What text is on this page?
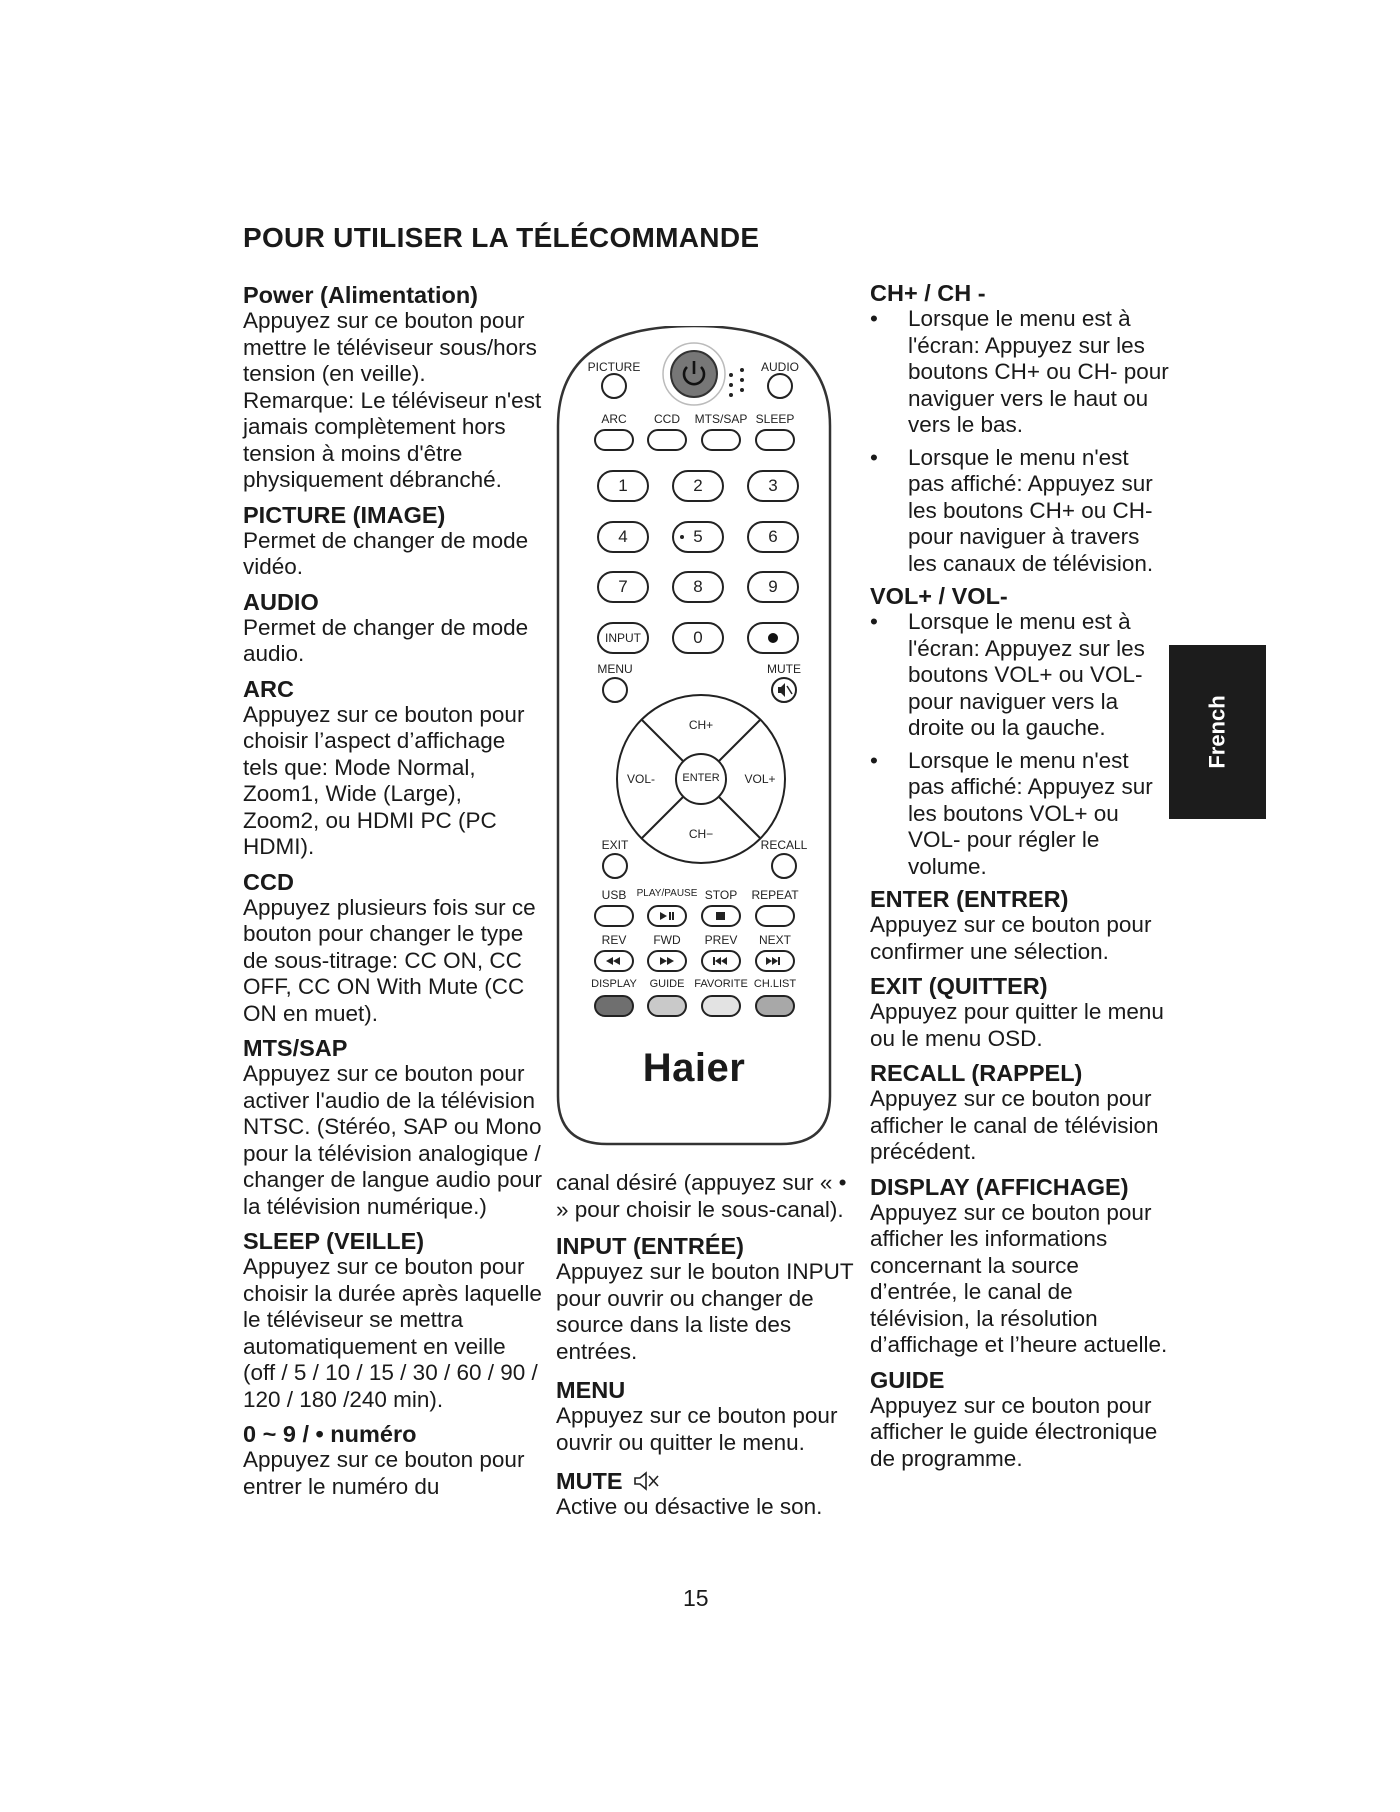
POUR UTILISER LA TÉLÉCOMMANDE
Power (Alimentation)

Appuyez sur ce bouton pour mettre le téléviseur sous/hors tension (en veille). Remarque: Le téléviseur n'est jamais complètement hors tension à moins d'être physiquement débranché.

PICTURE (IMAGE)

Permet de changer de mode vidéo.

AUDIO

Permet de changer de mode audio.

ARC

Appuyez sur ce bouton pour choisir l’aspect d’affichage tels que: Mode Normal, Zoom1, Wide (Large), Zoom2, ou HDMI PC (PC HDMI).

CCD

Appuyez plusieurs fois sur ce bouton pour changer le type de sous-titrage: CC ON, CC OFF, CC ON With Mute (CC ON en muet).

MTS/SAP

Appuyez sur ce bouton pour activer l'audio de la télévision NTSC. (Stéréo, SAP ou Mono pour la télévision analogique / changer de langue audio pour la télévision numérique.)

SLEEP (VEILLE)

Appuyez sur ce bouton pour choisir la durée après laquelle le téléviseur se mettra automatiquement en veille (off / 5 / 10 / 15 / 30 / 60 / 90 / 120 / 180 /240 min).

0 ~ 9 / • numéro

Appuyez sur ce bouton pour entrer le numéro du

PICTURE	AUDIO
ARC CCD MTS/SAP SLEEP
1	2	3
4	5	6
7	8	9
INPUT	0
MENU	MUTE
CH+
CH−
VOL-	VOL+
ENTER
EXIT	RECALL
USB PLAY/PAUSE STOP REPEAT
REV FWD PREV NEXT
DISPLAY GUIDE FAVORITE CH.LIST
Haier

canal désiré (appuyez sur « • » pour choisir le sous-canal).

INPUT (ENTRÉE)

Appuyez sur le bouton INPUT pour ouvrir ou changer de source dans la liste des entrées.

MENU

Appuyez sur ce bouton pour ouvrir ou quitter le menu.

MUTE

Active ou désactive le son.

CH+ / CH -
• Lorsque le menu est à l'écran: Appuyez sur les boutons CH+ ou CH- pour naviguer vers le haut ou vers le bas.
• Lorsque le menu n'est pas affiché: Appuyez sur les boutons CH+ ou CH- pour naviguer à travers les canaux de télévision.
VOL+ / VOL-
• Lorsque le menu est à l'écran: Appuyez sur les boutons VOL+ ou VOL- pour naviguer vers la droite ou la gauche.
• Lorsque le menu n'est pas affiché: Appuyez sur les boutons VOL+ ou VOL- pour régler le volume.
ENTER (ENTRER)

Appuyez sur ce bouton pour confirmer une sélection.

EXIT (QUITTER)

Appuyez pour quitter le menu ou le menu OSD.

RECALL (RAPPEL)

Appuyez sur ce bouton pour afficher le canal de télévision précédent.

DISPLAY (AFFICHAGE)

Appuyez sur ce bouton pour afficher les informations concernant la source d’entrée, le canal de télévision, la résolution d’affichage et l’heure actuelle.

GUIDE

Appuyez sur ce bouton pour afficher le guide électronique de programme.

French
15
